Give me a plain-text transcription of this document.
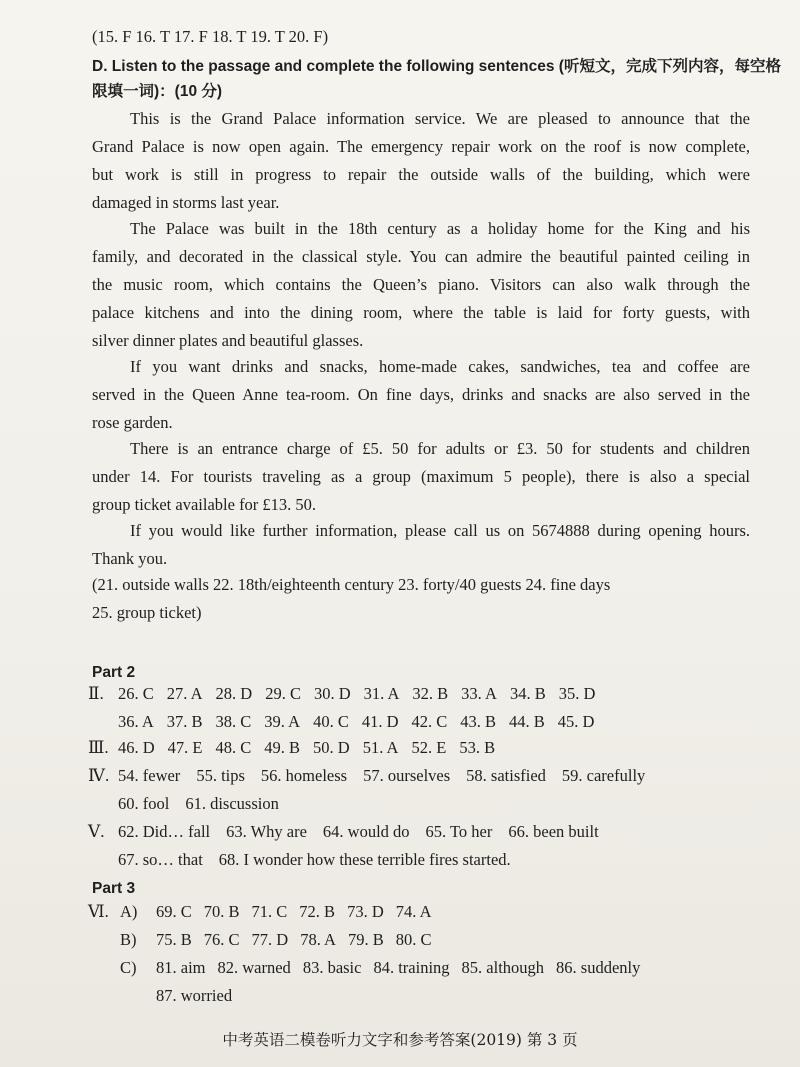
(15. F 16. T 17. F 18. T 19. T 20. F)
D. Listen to the passage and complete the following sentences (听短文，完成下列内容，每空格
限填一词)：(10 分)
This is the Grand Palace information service. We are pleased to announce that the
Grand Palace is now open again. The emergency repair work on the roof is now complete,
but work is still in progress to repair the outside walls of the building, which were
damaged in storms last year.
The Palace was built in the 18th century as a holiday home for the King and his
family, and decorated in the classical style. You can admire the beautiful painted ceiling in
the music room, which contains the Queen’s piano. Visitors can also walk through the
palace kitchens and into the dining room, where the table is laid for forty guests, with
silver dinner plates and beautiful glasses.
If you want drinks and snacks, home-made cakes, sandwiches, tea and coffee are
served in the Queen Anne tea-room. On fine days, drinks and snacks are also served in the
rose garden.
There is an entrance charge of £5. 50 for adults or £3. 50 for students and children
under 14. For tourists traveling as a group (maximum 5 people), there is also a special
group ticket available for £13. 50.
If you would like further information, please call us on 5674888 during opening hours.
Thank you.
(21. outside walls 22. 18th/eighteenth century 23. forty/40 guests 24. fine days
25. group ticket)
Part 2
Ⅱ. 26. C 27. A 28. D 29. C 30. D 31. A 32. B 33. A 34. B 35. D
36. A 37. B 38. C 39. A 40. C 41. D 42. C 43. B 44. B 45. D
Ⅲ. 46. D 47. E 48. C 49. B 50. D 51. A 52. E 53. B
Ⅳ. 54. fewer 55. tips 56. homeless 57. ourselves 58. satisfied 59. carefully
60. fool 61. discussion
Ⅴ. 62. Did… fall 63. Why are 64. would do 65. To her 66. been built
67. so… that 68. I wonder how these terrible fires started.
Part 3
Ⅵ. A)	69. C 70. B 71. C 72. B 73. D 74. A
B)	75. B 76. C 77. D 78. A 79. B 80. C
C)	81. aim 82. warned 83. basic 84. training 85. although 86. suddenly
87. worried
中考英语二模卷听力文字和参考答案(2019) 第 3 页
